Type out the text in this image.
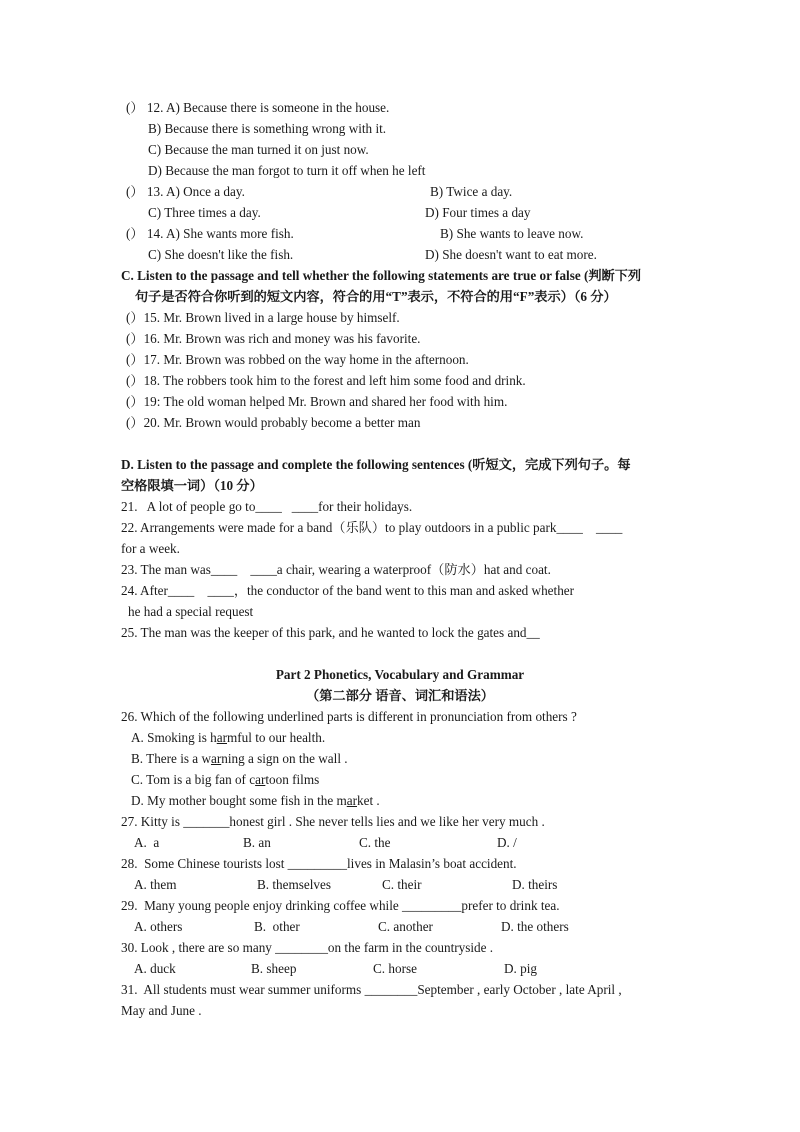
(） 12. A) Because there is someone in the house.
B) Because there is something wrong with it.
C) Because the man turned it on just now.
D) Because the man forgot to turn it off when he left
(） 13. A) Once a day.	B) Twice a day.
C) Three times a day.	D) Four times a day
(） 14. A) She wants more fish.	B) She wants to leave now.
C) She doesn't like the fish.	D) She doesn't want to eat more.
C. Listen to the passage and tell whether the following statements are true or false (判断下列
句子是否符合你听到的短文内容，符合的用“T”表示，不符合的用“F”表示）（6 分）
(）15. Mr. Brown lived in a large house by himself.
(）16. Mr. Brown was rich and money was his favorite.
(）17. Mr. Brown was robbed on the way home in the afternoon.
(）18. The robbers took him to the forest and left him some food and drink.
(）19: The old woman helped Mr. Brown and shared her food with him.
(）20. Mr. Brown would probably become a better man
D. Listen to the passage and complete the following sentences (听短文，完成下列句子。每
空格限填一词）（10 分）
21.   A lot of people go to____   ____for their holidays.
22. Arrangements were made for a band（乐队）to play outdoors in a public park____    ____
for a week.
23. The man was____    ____a chair, wearing a waterproof（防水）hat and coat.
24. After____    ____，the conductor of the band went to this man and asked whether
he had a special request
25. The man was the keeper of this park, and he wanted to lock the gates and__
Part 2 Phonetics, Vocabulary and Grammar
（第二部分 语音、词汇和语法）
26. Which of the following underlined parts is different in pronunciation from others ?
A. Smoking is harmful to our health.
B. There is a warning a sign on the wall .
C. Tom is a big fan of cartoon films
D. My mother bought some fish in the market .
27. Kitty is _______honest girl . She never tells lies and we like her very much .
A.  a	B. an	C. the	D. /
28.  Some Chinese tourists lost _________lives in Malasin’s boat accident.
A. them	B. themselves	C. their	D. theirs
29.  Many young people enjoy drinking coffee while _________prefer to drink tea.
A. others	B.  other	C. another	D. the others
30. Look , there are so many ________on the farm in the countryside .
A. duck	B. sheep	C. horse	D. pig
31.  All students must wear summer uniforms ________September , early October , late April ,
May and June .
